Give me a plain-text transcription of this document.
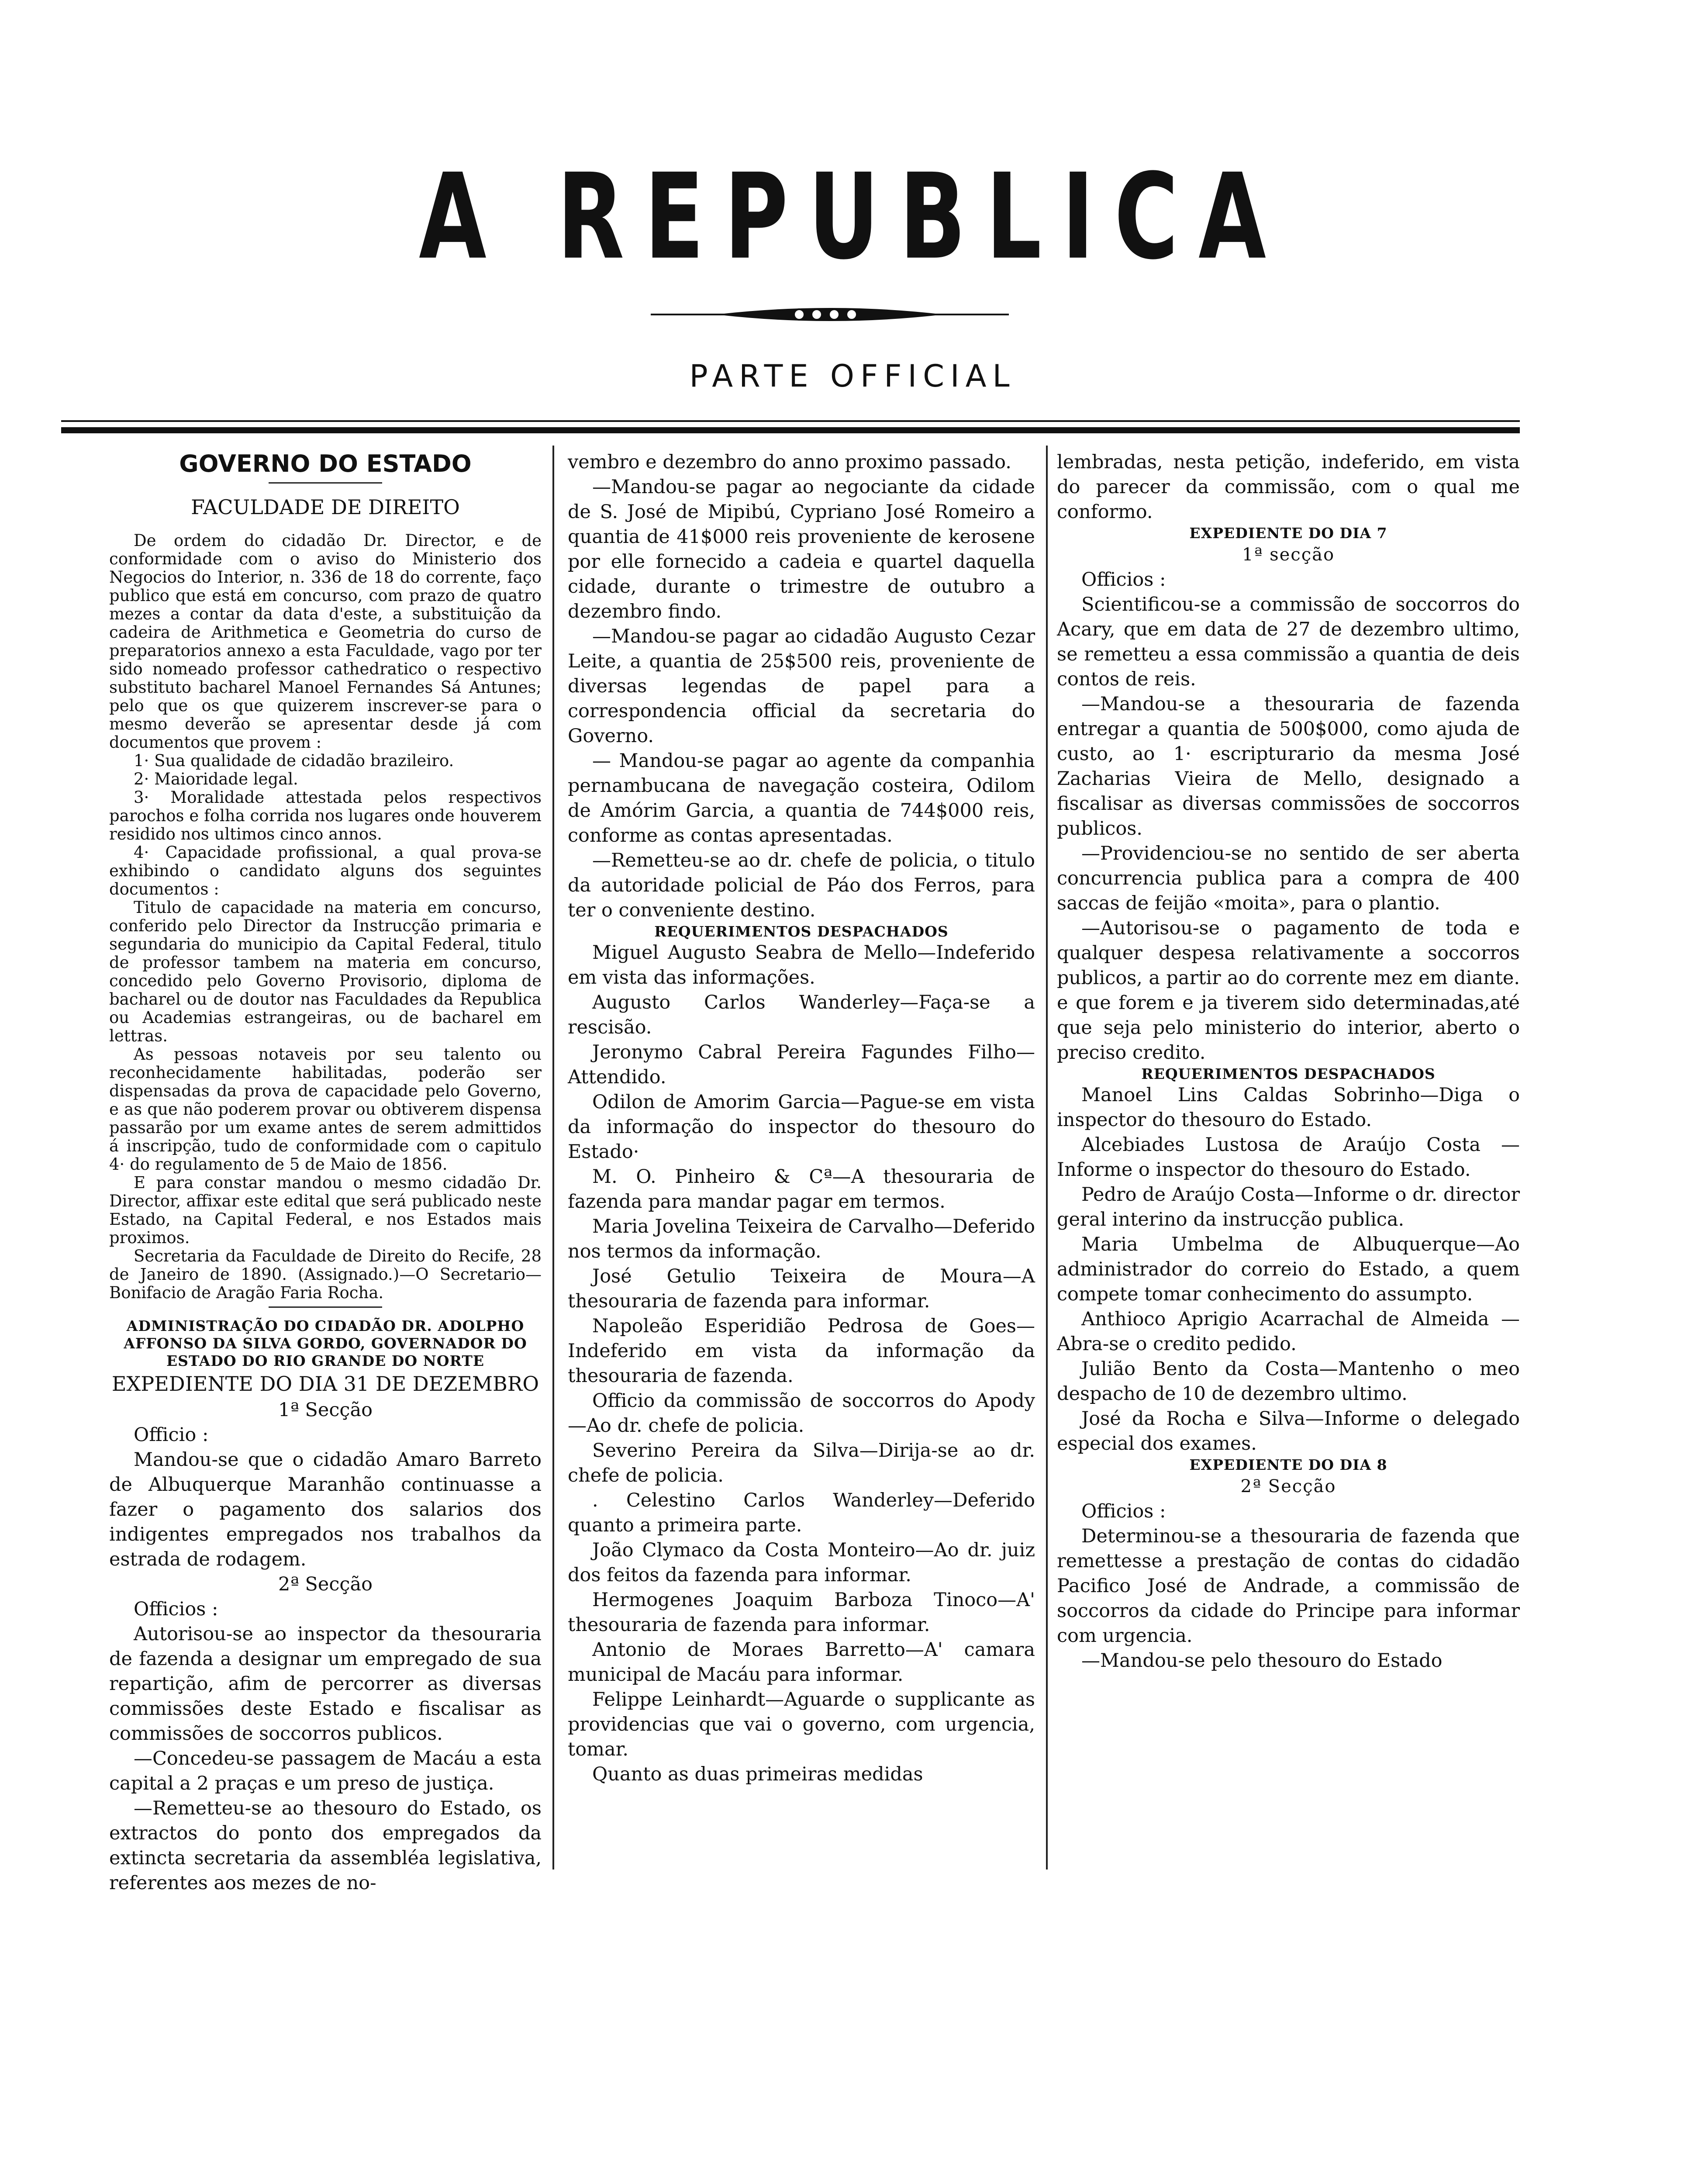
A REPUBLICA
PARTE OFFICIAL

GOVERNO DO ESTADO

FACULDADE DE DIREITO

De ordem do cidadão Dr. Director, e de conformidade com o aviso do Ministerio dos Negocios do Interior, n. 336 de 18 do corrente, faço publico que está em concurso, com prazo de quatro mezes a contar da data d'este, a substituição da cadeira de Arithmetica e Geometria do curso de preparatorios annexo a esta Faculdade, vago por ter sido nomeado professor cathedratico o respectivo substituto bacharel Manoel Fernandes Sá Antunes; pelo que os que quizerem inscrever-se para o mesmo deverão se apresentar desde já com documentos que provem :

1· Sua qualidade de cidadão brazileiro.

2· Maioridade legal.

3· Moralidade attestada pelos respectivos parochos e folha corrida nos lugares onde houverem residido nos ultimos cinco annos.

4· Capacidade profissional, a qual prova-se exhibindo o candidato alguns dos seguintes documentos :

Titulo de capacidade na materia em concurso, conferido pelo Director da Instrucção primaria e segundaria do municipio da Capital Federal, titulo de professor tambem na materia em concurso, concedido pelo Governo Provisorio, diploma de bacharel ou de doutor nas Faculdades da Republica ou Academias estrangeiras, ou de bacharel em lettras.

As pessoas notaveis por seu talento ou reconhecidamente habilitadas, poderão ser dispensadas da prova de capacidade pelo Governo, e as que não poderem provar ou obtiverem dispensa passarão por um exame antes de serem admittidos á inscripção, tudo de conformidade com o capitulo 4· do regulamento de 5 de Maio de 1856.

E para constar mandou o mesmo cidadão Dr. Director, affixar este edital que será publicado neste Estado, na Capital Federal, e nos Estados mais proximos.

Secretaria da Faculdade de Direito do Recife, 28 de Janeiro de 1890. (Assignado.)—O Secretario—Bonifacio de Aragão Faria Rocha.

ADMINISTRAÇÃO DO CIDADÃO DR. ADOLPHO AFFONSO DA SILVA GORDO, GOVERNADOR DO ESTADO DO RIO GRANDE DO NORTE

EXPEDIENTE DO DIA 31 DE DEZEMBRO

1ª Secção

Officio :

Mandou-se que o cidadão Amaro Barreto de Albuquerque Maranhão continuasse a fazer o pagamento dos salarios dos indigentes empregados nos trabalhos da estrada de rodagem.

2ª Secção

Officios :

Autorisou-se ao inspector da thesouraria de fazenda a designar um empregado de sua repartição, afim de percorrer as diversas commissões deste Estado e fiscalisar as commissões de soccorros publicos.

—Concedeu-se passagem de Macáu a esta capital a 2 praças e um preso de justiça.

—Remetteu-se ao thesouro do Estado, os extractos do ponto dos empregados da extincta secretaria da assembléa legislativa, referentes aos mezes de no-

vembro e dezembro do anno proximo passado.

—Mandou-se pagar ao negociante da cidade de S. José de Mipibú, Cypriano José Romeiro a quantia de 41$000 reis proveniente de kerosene por elle fornecido a cadeia e quartel daquella cidade, durante o trimestre de outubro a dezembro findo.

—Mandou-se pagar ao cidadão Augusto Cezar Leite, a quantia de 25$500 reis, proveniente de diversas legendas de papel para a correspondencia official da secretaria do Governo.

— Mandou-se pagar ao agente da companhia pernambucana de navegação costeira, Odilom de Amórim Garcia, a quantia de 744$000 reis, conforme as contas apresentadas.

—Remetteu-se ao dr. chefe de policia, o titulo da autoridade policial de Páo dos Ferros, para ter o conveniente destino.

REQUERIMENTOS DESPACHADOS

Miguel Augusto Seabra de Mello—Indeferido em vista das informações.

Augusto Carlos Wanderley—Faça-se a rescisão.

Jeronymo Cabral Pereira Fagundes Filho—Attendido.

Odilon de Amorim Garcia—Pague-se em vista da informação do inspector do thesouro do Estado·

M. O. Pinheiro & Cª—A thesouraria de fazenda para mandar pagar em termos.

Maria Jovelina Teixeira de Carvalho—Deferido nos termos da informação.

José Getulio Teixeira de Moura—A thesouraria de fazenda para informar.

Napoleão Esperidião Pedrosa de Goes—Indeferido em vista da informação da thesouraria de fazenda.

Officio da commissão de soccorros do Apody—Ao dr. chefe de policia.

Severino Pereira da Silva—Dirija-se ao dr. chefe de policia.

. Celestino Carlos Wanderley—Deferido quanto a primeira parte.

João Clymaco da Costa Monteiro—Ao dr. juiz dos feitos da fazenda para informar.

Hermogenes Joaquim Barboza Tinoco—A' thesouraria de fazenda para informar.

Antonio de Moraes Barretto—A' camara municipal de Macáu para informar.

Felippe Leinhardt—Aguarde o supplicante as providencias que vai o governo, com urgencia, tomar.

Quanto as duas primeiras medidas

lembradas, nesta petição, indeferido, em vista do parecer da commissão, com o qual me conformo.

EXPEDIENTE DO DIA 7

1ª secção

Officios :

Scientificou-se a commissão de soccorros do Acary, que em data de 27 de dezembro ultimo, se remetteu a essa commissão a quantia de deis contos de reis.

—Mandou-se a thesouraria de fazenda entregar a quantia de 500$000, como ajuda de custo, ao 1· escripturario da mesma José Zacharias Vieira de Mello, designado a fiscalisar as diversas commissões de soccorros publicos.

—Providenciou-se no sentido de ser aberta concurrencia publica para a compra de 400 saccas de feijão «moita», para o plantio.

—Autorisou-se o pagamento de toda e qualquer despesa relativamente a soccorros publicos, a partir ao do corrente mez em diante. e que forem e ja tiverem sido determinadas,até que seja pelo ministerio do interior, aberto o preciso credito.

REQUERIMENTOS DESPACHADOS

Manoel Lins Caldas Sobrinho—Diga o inspector do thesouro do Estado.

Alcebiades Lustosa de Araújo Costa —Informe o inspector do thesouro do Estado.

Pedro de Araújo Costa—Informe o dr. director geral interino da instrucção publica.

Maria Umbelma de Albuquerque—Ao administrador do correio do Estado, a quem compete tomar conhecimento do assumpto.

Anthioco Aprigio Acarrachal de Almeida —Abra-se o credito pedido.

Julião Bento da Costa—Mantenho o meo despacho de 10 de dezembro ultimo.

José da Rocha e Silva—Informe o delegado especial dos exames.

EXPEDIENTE DO DIA 8

2ª Secção

Officios :

Determinou-se a thesouraria de fazenda que remettesse a prestação de contas do cidadão Pacifico José de Andrade, a commissão de soccorros da cidade do Principe para informar com urgencia.

—Mandou-se pelo thesouro do Estado
